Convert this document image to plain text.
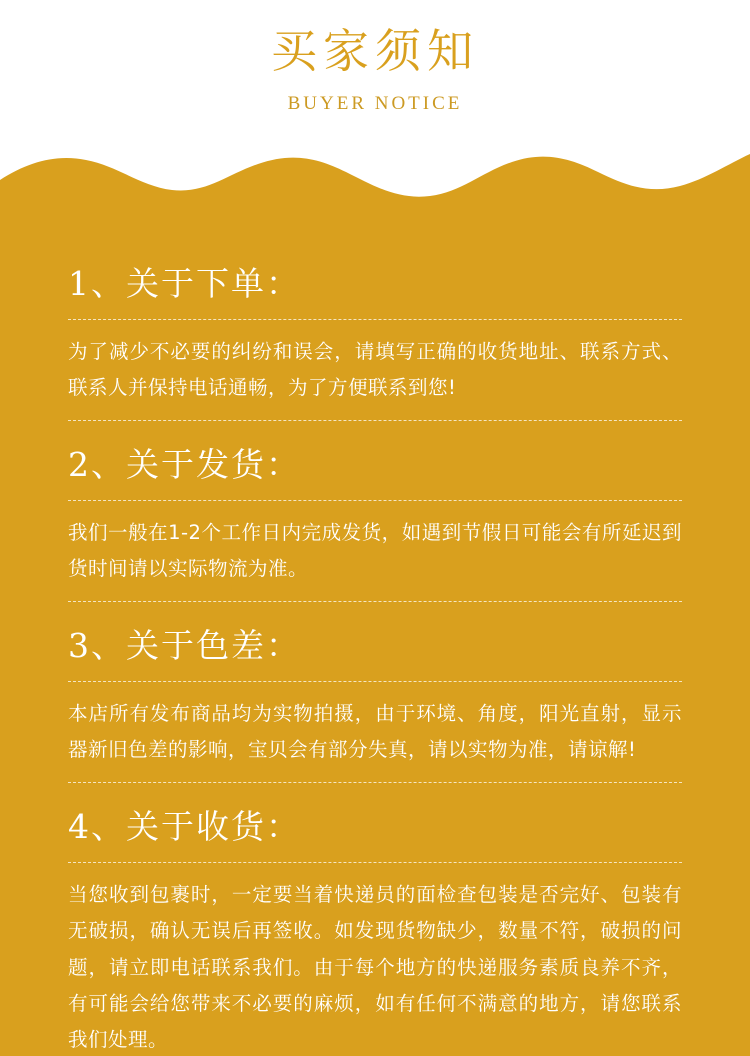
买家须知
BUYER NOTICE
1、关于下单：
为了减少不必要的纠纷和误会，请填写正确的收货地址、联系方式、联系人并保持电话通畅，为了方便联系到您!
2、关于发货：
我们一般在1-2个工作日内完成发货，如遇到节假日可能会有所延迟到货时间请以实际物流为准。
3、关于色差：
本店所有发布商品均为实物拍摄，由于环境、角度，阳光直射，显示器新旧色差的影响，宝贝会有部分失真，请以实物为准，请谅解!
4、关于收货：
当您收到包裹时，一定要当着快递员的面检查包装是否完好、包装有无破损，确认无误后再签收。如发现货物缺少，数量不符，破损的问题，请立即电话联系我们。由于每个地方的快递服务素质良养不齐，有可能会给您带来不必要的麻烦，如有任何不满意的地方，请您联系我们处理。
